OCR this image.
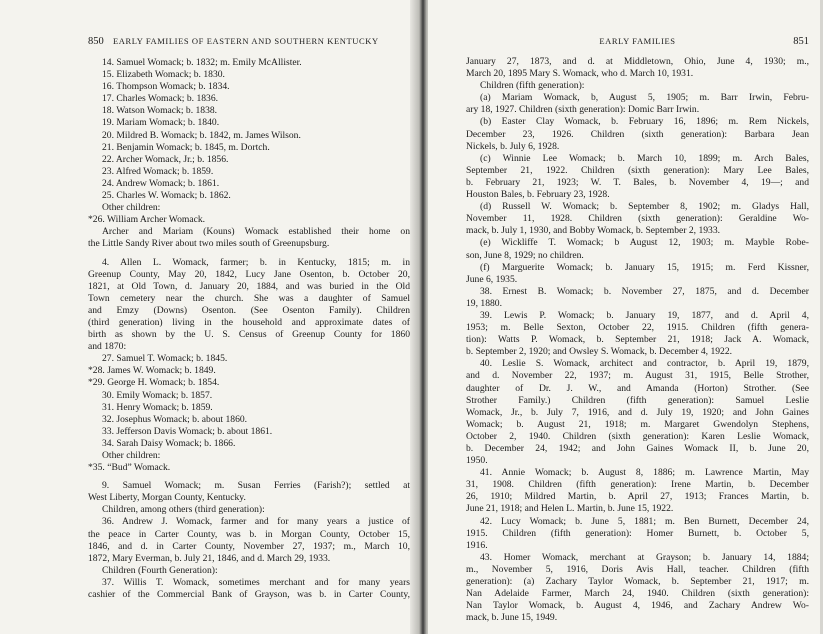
850 EARLY FAMILIES OF EASTERN AND SOUTHERN KENTUCKY
14. Samuel Womack; b. 1832; m. Emily McAllister.
15. Elizabeth Womack; b. 1830.
16. Thompson Womack; b. 1834.
17. Charles Womack; b. 1836.
18. Watson Womack; b. 1838.
19. Mariam Womack; b. 1840.
20. Mildred B. Womack; b. 1842, m. James Wilson.
21. Benjamin Womack; b. 1845, m. Dortch.
22. Archer Womack, Jr.; b. 1856.
23. Alfred Womack; b. 1859.
24. Andrew Womack; b. 1861.
25. Charles W. Womack; b. 1862.
Other children:
*26. William Archer Womack.
Archer and Mariam (Kouns) Womack established their home on
the Little Sandy River about two miles south of Greenupsburg.
4. Allen L. Womack, farmer; b. in Kentucky, 1815; m. in
Greenup County, May 20, 1842, Lucy Jane Osenton, b. October 20,
1821, at Old Town, d. January 20, 1884, and was buried in the Old
Town cemetery near the church. She was a daughter of Samuel
and Emzy (Downs) Osenton. (See Osenton Family). Children
(third generation) living in the household and approximate dates of
birth as shown by the U. S. Census of Greenup County for 1860
and 1870:
27. Samuel T. Womack; b. 1845.
*28. James W. Womack; b. 1849.
*29. George H. Womack; b. 1854.
30. Emily Womack; b. 1857.
31. Henry Womack; b. 1859.
32. Josephus Womack; b. about 1860.
33. Jefferson Davis Womack; b. about 1861.
34. Sarah Daisy Womack; b. 1866.
Other children:
*35. “Bud” Womack.
9. Samuel Womack; m. Susan Ferries (Farish?); settled at
West Liberty, Morgan County, Kentucky.
Children, among others (third generation):
36. Andrew J. Womack, farmer and for many years a justice of
the peace in Carter County, was b. in Morgan County, October 15,
1846, and d. in Carter County, November 27, 1937; m., March 10,
1872, Mary Everman, b. July 21, 1846, and d. March 29, 1933.
Children (Fourth Generation):
37. Willis T. Womack, sometimes merchant and for many years
cashier of the Commercial Bank of Grayson, was b. in Carter County,
EARLY FAMILIES	851
January 27, 1873, and d. at Middletown, Ohio, June 4, 1930; m.,
March 20, 1895 Mary S. Womack, who d. March 10, 1931.
Children (fifth generation):
(a) Mariam Womack, b, August 5, 1905; m. Barr Irwin, Febru-
ary 18, 1927. Children (sixth generation): Domic Barr Irwin.
(b) Easter Clay Womack, b. February 16, 1896; m. Rem Nickels,
December 23, 1926. Children (sixth generation): Barbara Jean
Nickels, b. July 6, 1928.
(c) Winnie Lee Womack; b. March 10, 1899; m. Arch Bales,
September 21, 1922. Children (sixth generation): Mary Lee Bales,
b. February 21, 1923; W. T. Bales, b. November 4, 19—; and
Houston Bales, b. February 23, 1928.
(d) Russell W. Womack; b. September 8, 1902; m. Gladys Hall,
November 11, 1928. Children (sixth generation): Geraldine Wo-
mack, b. July 1, 1930, and Bobby Womack, b. September 2, 1933.
(e) Wickliffe T. Womack; b August 12, 1903; m. Mayble Robe-
son, June 8, 1929; no children.
(f) Marguerite Womack; b. January 15, 1915; m. Ferd Kissner,
June 6, 1935.
38. Ernest B. Womack; b. November 27, 1875, and d. December
19, 1880.
39. Lewis P. Womack; b. January 19, 1877, and d. April 4,
1953; m. Belle Sexton, October 22, 1915. Children (fifth genera-
tion): Watts P. Womack, b. September 21, 1918; Jack A. Womack,
b. September 2, 1920; and Owsley S. Womack, b. December 4, 1922.
40. Leslie S. Womack, architect and contractor, b. April 19, 1879,
and d. November 22, 1937; m. August 31, 1915, Belle Strother,
daughter of Dr. J. W., and Amanda (Horton) Strother. (See
Strother Family.) Children (fifth generation): Samuel Leslie
Womack, Jr., b. July 7, 1916, and d. July 19, 1920; and John Gaines
Womack; b. August 21, 1918; m. Margaret Gwendolyn Stephens,
October 2, 1940. Children (sixth generation): Karen Leslie Womack,
b. December 24, 1942; and John Gaines Womack II, b. June 20,
1950.
41. Annie Womack; b. August 8, 1886; m. Lawrence Martin, May
31, 1908. Children (fifth generation): Irene Martin, b. December
26, 1910; Mildred Martin, b. April 27, 1913; Frances Martin, b.
June 21, 1918; and Helen L. Martin, b. June 15, 1922.
42. Lucy Womack; b. June 5, 1881; m. Ben Burnett, December 24,
1915. Children (fifth generation): Homer Burnett, b. October 5,
1916.
43. Homer Womack, merchant at Grayson; b. January 14, 1884;
m., November 5, 1916, Doris Avis Hall, teacher. Children (fifth
generation): (a) Zachary Taylor Womack, b. September 21, 1917; m.
Nan Adelaide Farmer, March 24, 1940. Children (sixth generation):
Nan Taylor Womack, b. August 4, 1946, and Zachary Andrew Wo-
mack, b. June 15, 1949.
